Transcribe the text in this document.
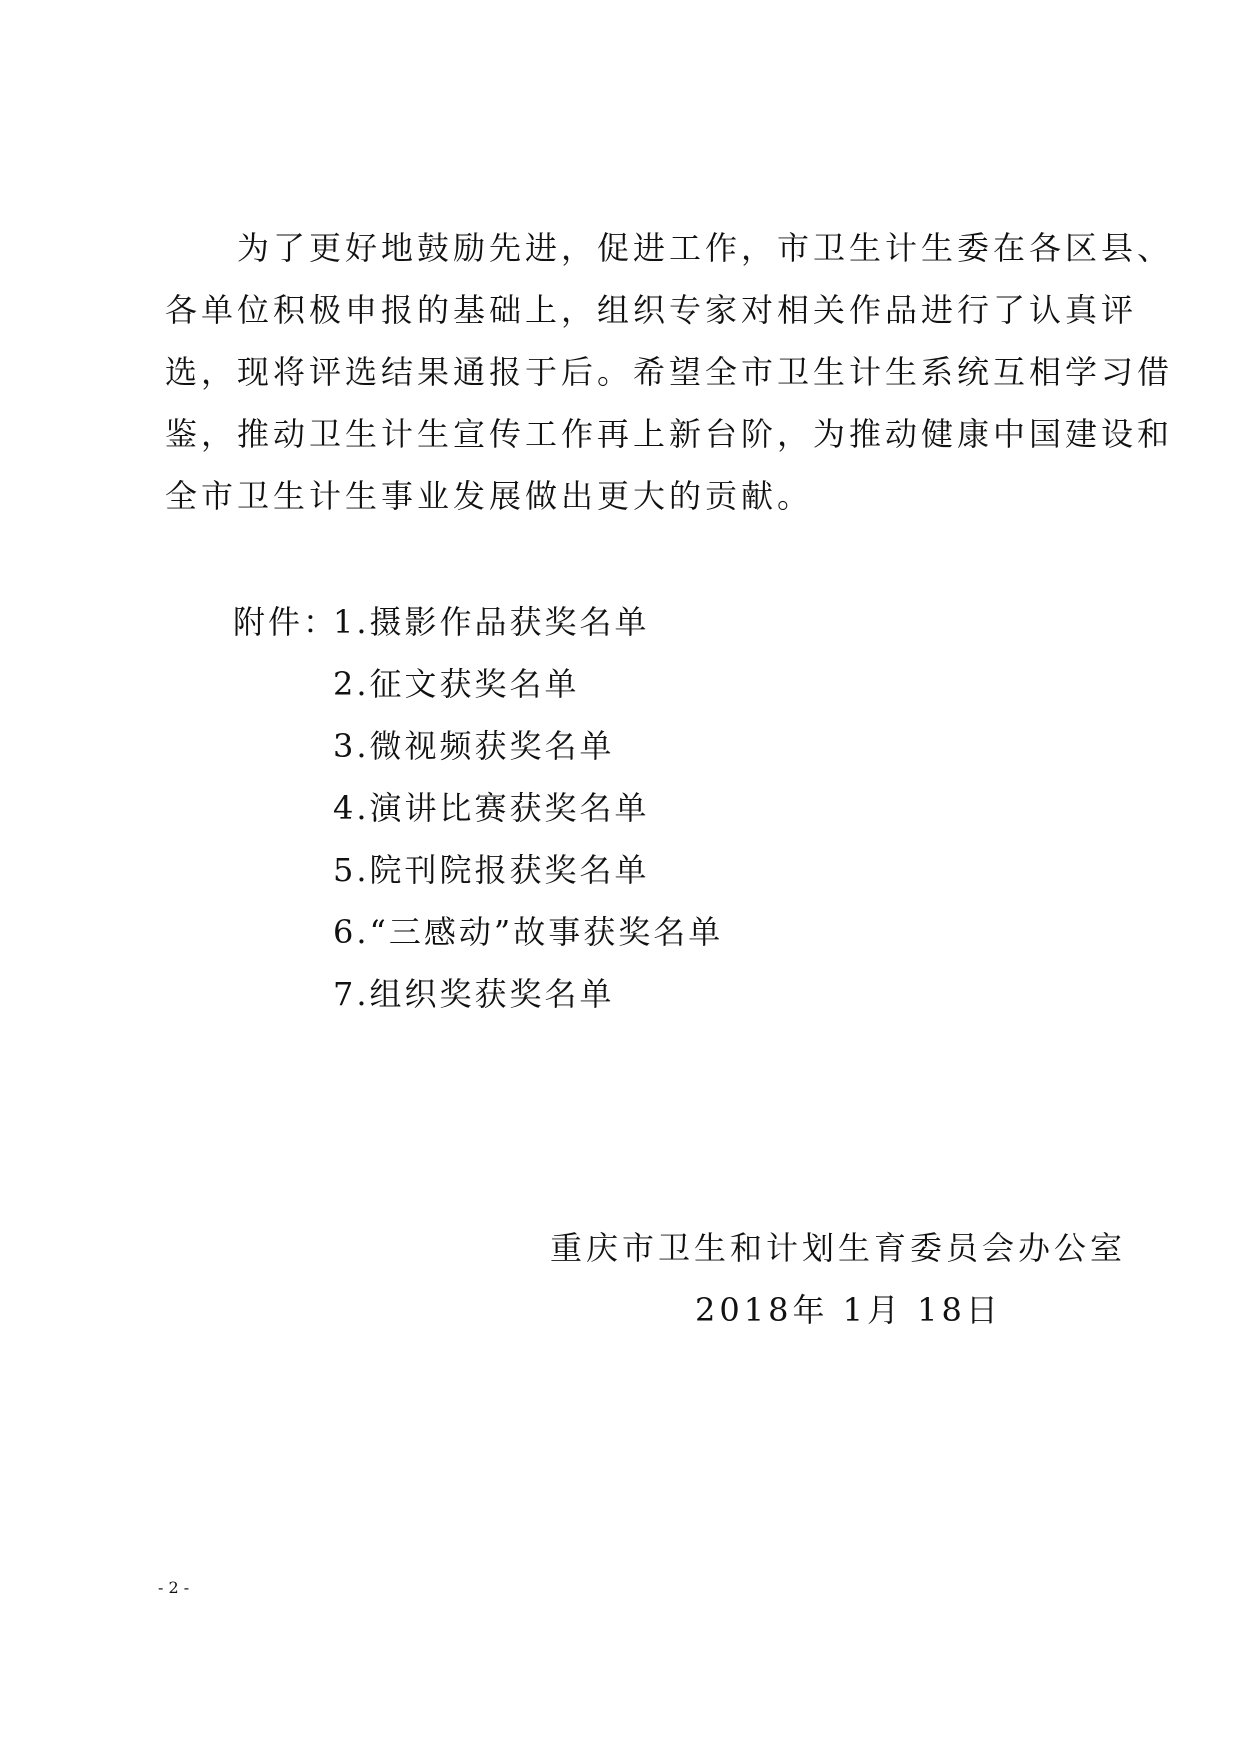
　　为了更好地鼓励先进，促进工作，市卫生计生委在各区县、
各单位积极申报的基础上，组织专家对相关作品进行了认真评
选，现将评选结果通报于后。希望全市卫生计生系统互相学习借
鉴，推动卫生计生宣传工作再上新台阶，为推动健康中国建设和
全市卫生计生事业发展做出更大的贡献。
附件：
1.摄影作品获奖名单
2.征文获奖名单
3.微视频获奖名单
4.演讲比赛获奖名单
5.院刊院报获奖名单
6.“三感动”故事获奖名单
7.组织奖获奖名单
重庆市卫生和计划生育委员会办公室
2018年 1月 18日
- 2 -
